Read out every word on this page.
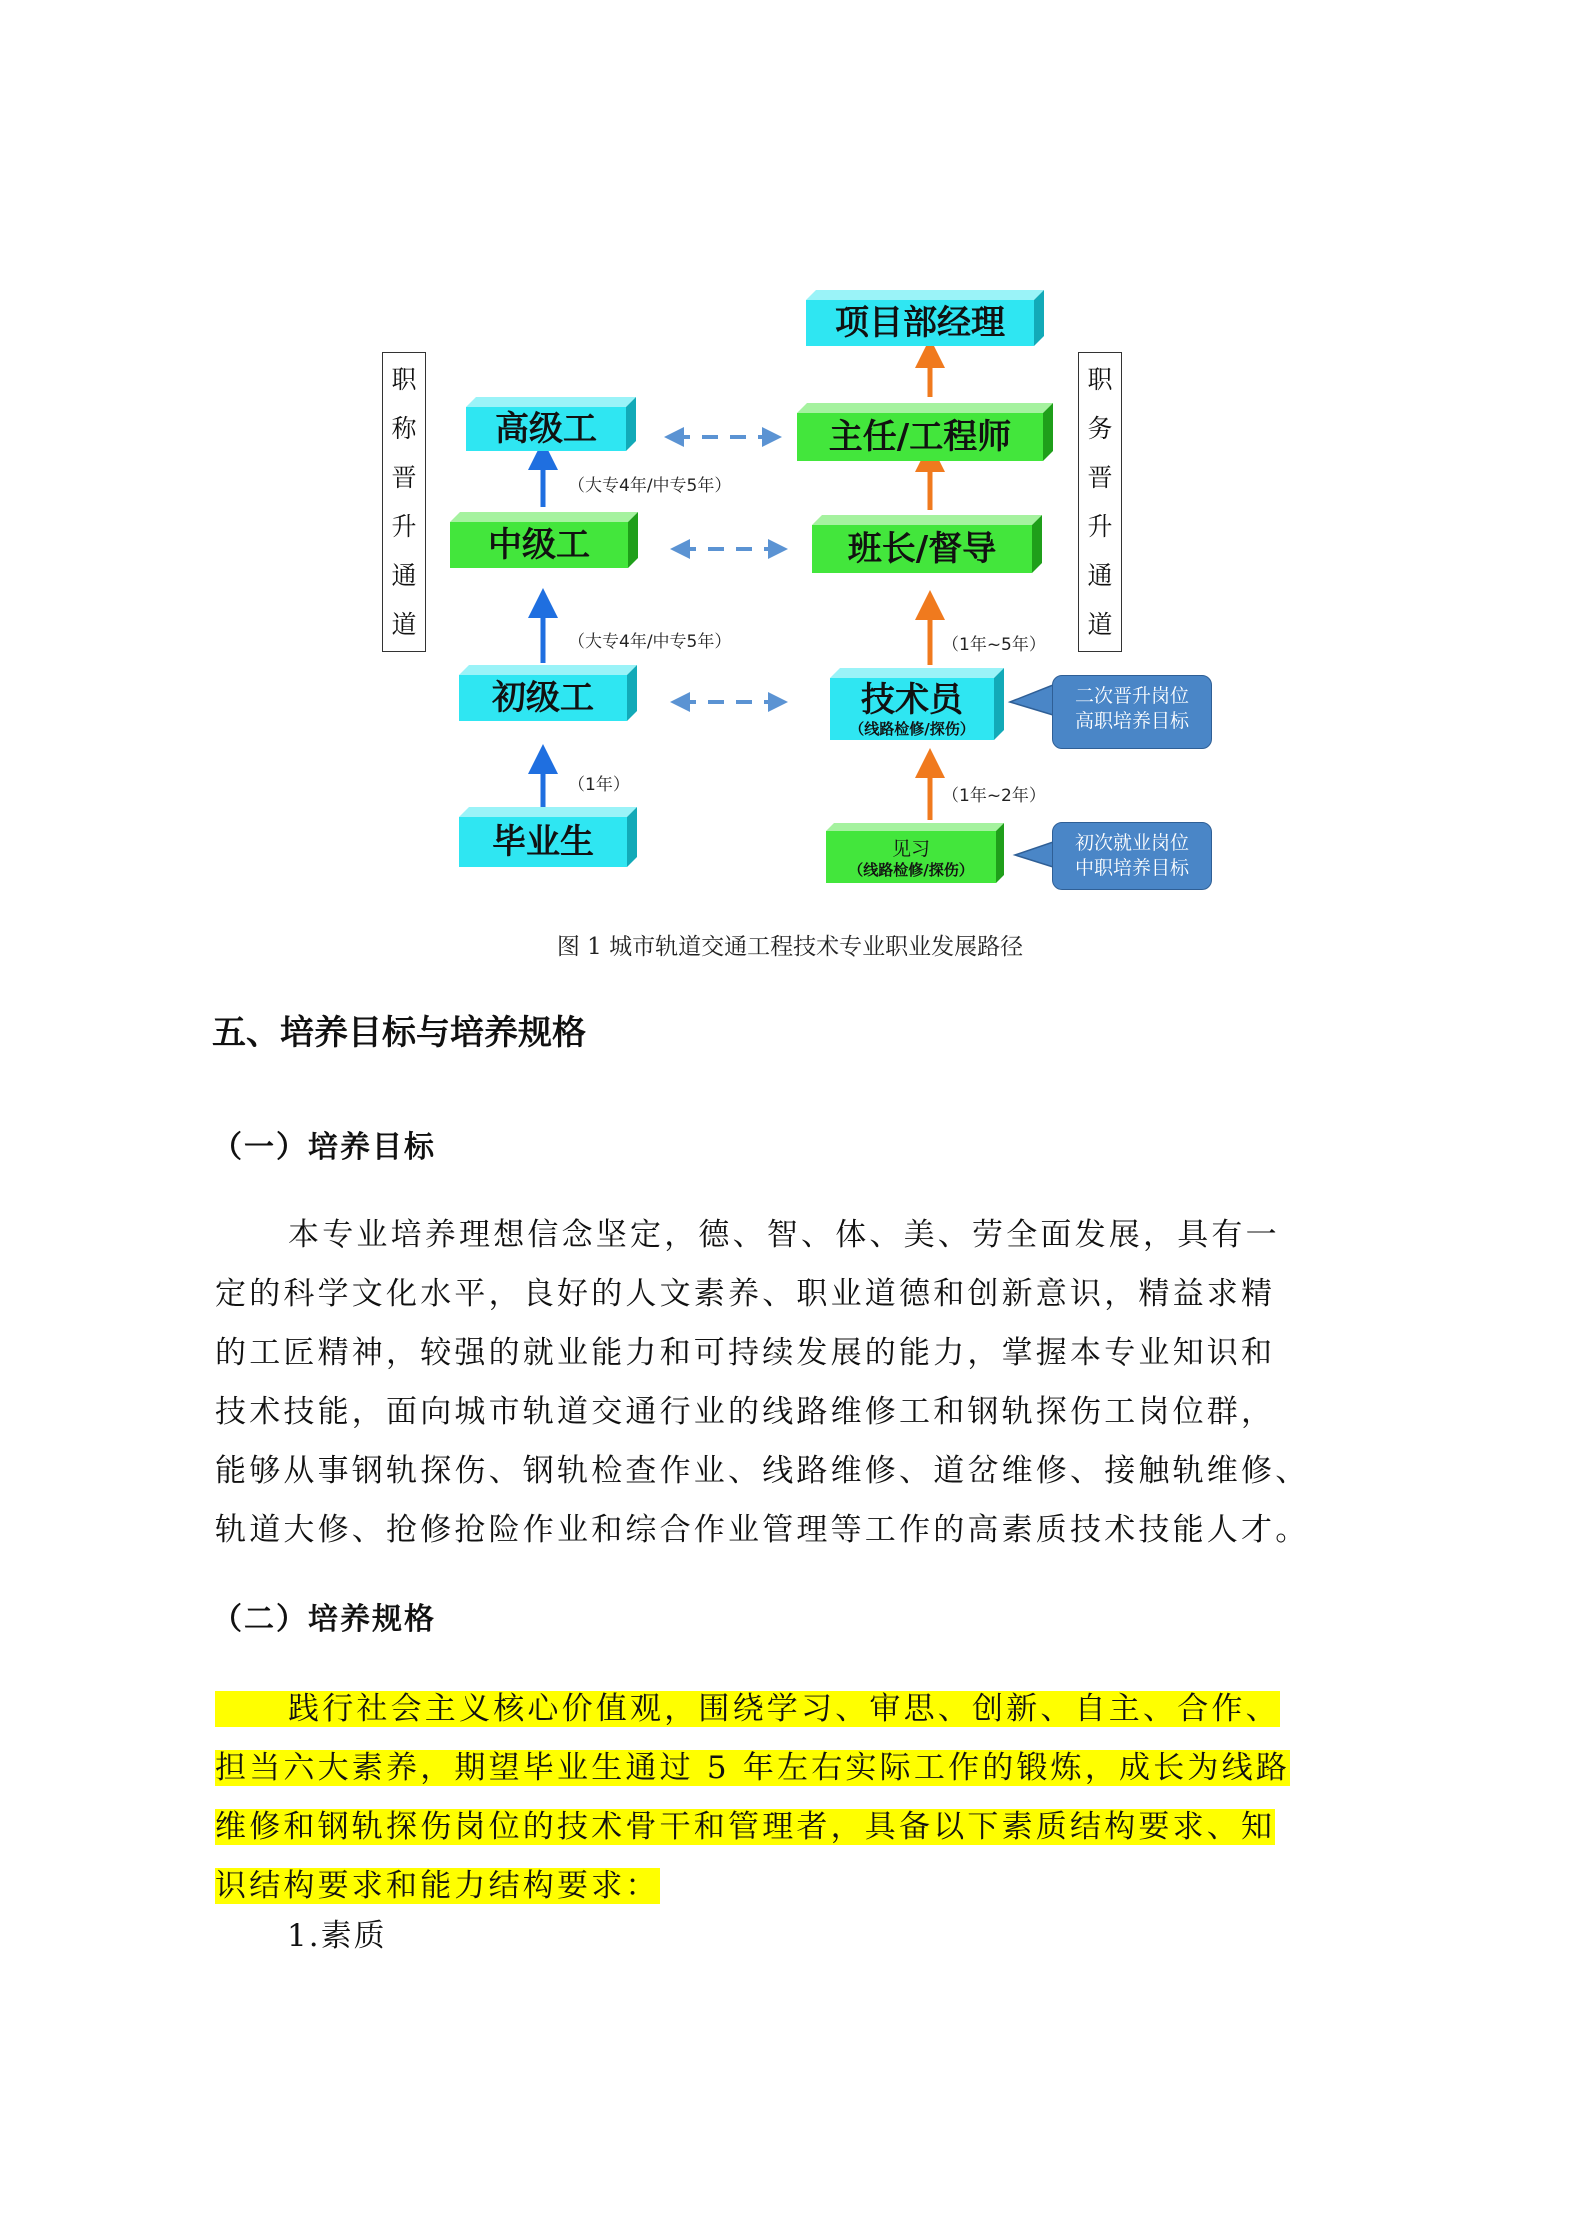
职
称
晋
升
通
道
职
务
晋
升
通
道
高级工
中级工
初级工
毕业生
项目部经理
主任/工程师
班长/督导
技术员
（线路检修/探伤）
见习
（线路检修/探伤）
（大专4年/中专5年）
（大专4年/中专5年）
（1年）
（1年~5年）
（1年~2年）
二次晋升岗位
高职培养目标
初次就业岗位
中职培养目标
图 1 城市轨道交通工程技术专业职业发展路径
五、培养目标与培养规格
（一）培养目标
本专业培养理想信念坚定，德、智、体、美、劳全面发展，具有一
定的科学文化水平，良好的人文素养、职业道德和创新意识，精益求精
的工匠精神，较强的就业能力和可持续发展的能力，掌握本专业知识和
技术技能，面向城市轨道交通行业的线路维修工和钢轨探伤工岗位群，
能够从事钢轨探伤、钢轨检查作业、线路维修、道岔维修、接触轨维修、
轨道大修、抢修抢险作业和综合作业管理等工作的高素质技术技能人才。
（二）培养规格
践行社会主义核心价值观，围绕学习、审思、创新、自主、合作、
担当六大素养，期望毕业生通过 5 年左右实际工作的锻炼，成长为线路
维修和钢轨探伤岗位的技术骨干和管理者，具备以下素质结构要求、知
识结构要求和能力结构要求：
1.素质
